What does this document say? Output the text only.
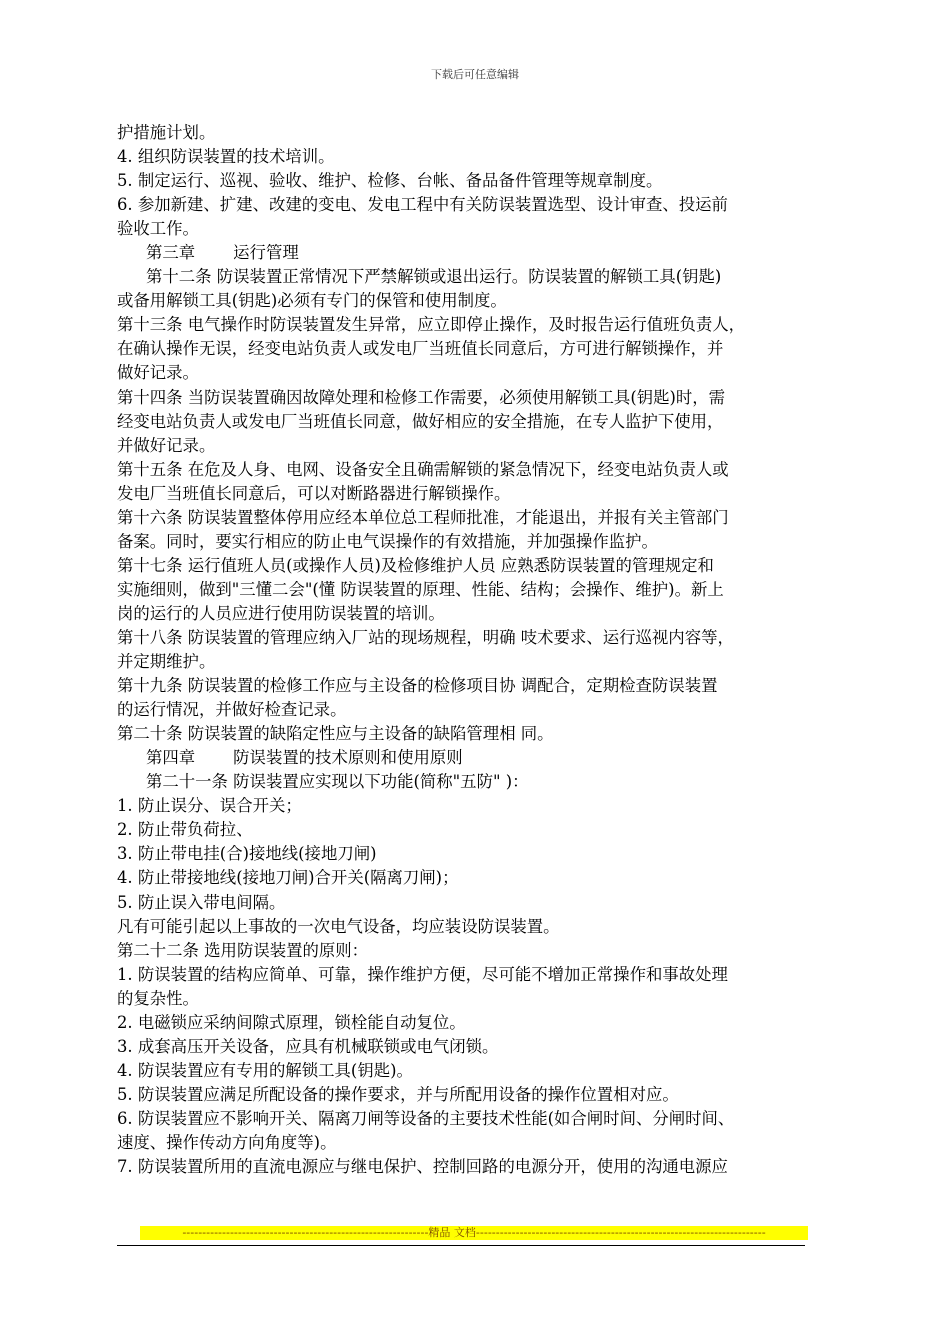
下载后可任意编辑
护措施计划。
4. 组织防误装置的技术培训。
5. 制定运行、巡视、验收、维护、检修、台帐、备品备件管理等规章制度。
6. 参加新建、扩建、改建的变电、发电工程中有关防误装置选型、设计审查、投运前
验收工作。
第三章　　 运行管理
第十二条 防误装置正常情况下严禁解锁或退出运行。防误装置的解锁工具(钥匙)
或备用解锁工具(钥匙)必须有专门的保管和使用制度。
第十三条 电气操作时防误装置发生异常，应立即停止操作，及时报告运行值班负责人，
在确认操作无误，经变电站负责人或发电厂当班值长同意后，方可进行解锁操作，并
做好记录。
第十四条 当防误装置确因故障处理和检修工作需要，必须使用解锁工具(钥匙)时，需
经变电站负责人或发电厂当班值长同意，做好相应的安全措施，在专人监护下使用，
并做好记录。
第十五条 在危及人身、电网、设备安全且确需解锁的紧急情况下，经变电站负责人或
发电厂当班值长同意后，可以对断路器进行解锁操作。
第十六条 防误装置整体停用应经本单位总工程师批准，才能退出，并报有关主管部门
备案。同时，要实行相应的防止电气误操作的有效措施，并加强操作监护。
第十七条 运行值班人员(或操作人员)及检修维护人员 应熟悉防误装置的管理规定和
实施细则，做到"三懂二会"(懂 防误装置的原理、性能、结构；会操作、维护)。新上
岗的运行的人员应进行使用防误装置的培训。
第十八条 防误装置的管理应纳入厂站的现场规程，明确 吱术要求、运行巡视内容等，
并定期维护。
第十九条 防误装置的检修工作应与主设备的检修项目协 调配合，定期检查防误装置
的运行情况，并做好检查记录。
第二十条 防误装置的缺陷定性应与主设备的缺陷管理相 同。
第四章　　 防误装置的技术原则和使用原则
第二十一条 防误装置应实现以下功能(简称"五防" )：
1. 防止误分、误合开关；
2. 防止带负荷拉、
3. 防止带电挂(合)接地线(接地刀闸)
4. 防止带接地线(接地刀闸)合开关(隔离刀闸)；
5. 防止误入带电间隔。
凡有可能引起以上事故的一次电气设备，均应装设防误装置。
第二十二条 选用防误装置的原则：
1. 防误装置的结构应简单、可靠，操作维护方便，尽可能不增加正常操作和事故处理
的复杂性。
2. 电磁锁应采纳间隙式原理，锁栓能自动复位。
3. 成套高压开关设备，应具有机械联锁或电气闭锁。
4. 防误装置应有专用的解锁工具(钥匙)。
5. 防误装置应满足所配设备的操作要求，并与所配用设备的操作位置相对应。
6. 防误装置应不影响开关、隔离刀闸等设备的主要技术性能(如合闸时间、分闸时间、
速度、操作传动方向角度等)。
7. 防误装置所用的直流电源应与继电保护、控制回路的电源分开，使用的沟通电源应
--------------------------------------------------------------精品 文档-------------------------------------------------------------------------
